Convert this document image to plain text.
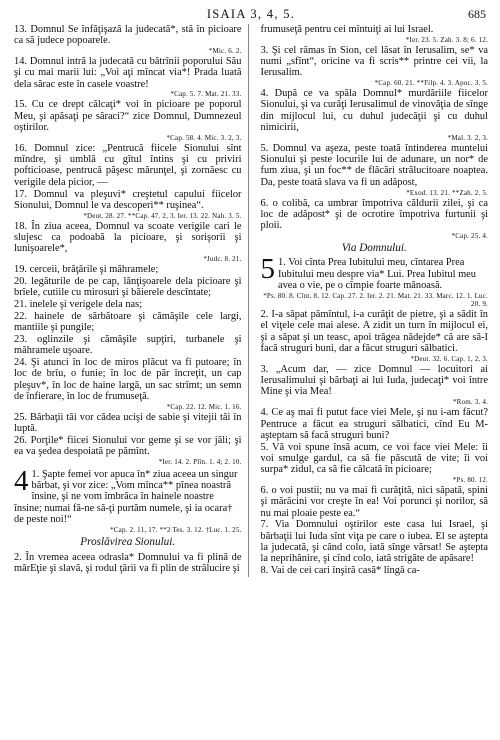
ISAIA 3, 4, 5.	685

13. Domnul Se înfăţişază la judecată*, stă în picioare ca să judece popoarele.

*Mic. 6. 2.

14. Domnul intră la judecată cu bătrînii poporului Său şi cu mai marii lui: „Voi aţi mîncat via*! Prada luată dela sărac este în casele voastre!

*Cap. 5. 7. Mat. 21. 33.

15. Cu ce drept călcaţi* voi în picioare pe poporul Meu, şi apăsaţi pe săraci?“ zice Domnul, Dumnezeul oştirilor.

*Cap. 58. 4. Mic. 3. 2, 3.

16. Domnul zice: „Pentrucă fiicele Sionului sînt mîndre, şi umblă cu gîtul întins şi cu priviri pofticioase, pentrucă păşesc mărunţel, şi zornăesc cu verigile dela picior, —

17. Domnul va pleşuvi* creştetul capului fiicelor Sionului, Domnul le va descoperi** ruşinea“.

*Deut. 28. 27. **Cap. 47. 2, 3. Ier. 13. 22. Nah. 3. 5.

18. În ziua aceea, Domnul va scoate verigile cari le slujesc ca podoabă la picioare, şi sorişorii şi lunişoarele*,

*Judc. 8. 21.

19. cerceii, brăţările şi măhramele;

20. legăturile de pe cap, lănţişoarele dela picioare şi brîele, cutiile cu mirosuri şi băierele descîntate;

21. inelele şi verigele dela nas;

22. hainele de sărbătoare şi cămăşile cele largi, mantiile şi pungile;

23. oglinzile şi cămăşile supţiri, turbanele şi măhramele uşoare.

24. Şi atunci în loc de miros plăcut va fi putoare; în loc de brîu, o funie; în loc de păr încreţit, un cap pleşuv*, în loc de haine largă, un sac strîmt; un semn de înfierare, în loc de frumuseţă.

*Cap. 22. 12. Mic. 1. 16.

25. Bărbaţii tăi vor cădea ucişi de sabie şi vitejii tăi în luptă.

26. Porţile* fiicei Sionului vor geme şi se vor jăli; şi ea va şedea despoiată pe pămînt.

*Ier. 14. 2. Plîn. 1. 4; 2. 10.
4 1. Şapte femei vor apuca în* ziua aceea un singur bărbat, şi vor zice: „Vom mînca** pînea noastră însine, şi ne vom îmbrăca în hainele noastre însine; numai fă-ne să-ţi purtăm numele, şi ia ocara† de peste noi!“
*Cap. 2. 11, 17. **2 Tes. 3. 12. †Luc. 1. 25.
Proslăvirea Sionului.

2. În vremea aceea odrasla* Domnului va fi plină de mărEţie şi slavă, şi rodul ţării va fi plin de strălucire şi

frumuseţă pentru cei mîntuiţi ai lui Israel.

*Ier. 23. 5. Zah. 3. 8; 6. 12.

3. Şi cel rămas în Sion, cel lăsat în Ierusalim, se* va numi „sfînt“, oricine va fi scris** printre cei vii, la Ierusalim.

*Cap. 60. 21. **Filp. 4. 3. Apoc. 3. 5.

4. După ce va spăla Domnul* murdăriile fiicelor Sionului, şi va curăţi Ierusalimul de vinovăţia de sînge din mijlocul lui, cu duhul judecăţii şi cu duhul nimicirii,

*Mal. 3. 2, 3.

5. Domnul va aşeza, peste toată întinderea muntelui Sionului şi peste locurile lui de adunare, un nor* de fum ziua, şi un foc** de flăcări strălucitoare noaptea. Da, peste toată slava va fi un adăpost,

*Exod. 13. 21. **Zah. 2. 5.

6. o colibă, ca umbrar împotriva căldurii zilei, şi ca loc de adăpost* şi de ocrotire împotriva furtunii şi ploii.

*Cap. 25. 4.
Via Domnului.
5 1. Voi cînta Prea Iubitului meu, cîntarea Prea Iubitului meu despre via* Lui. Prea Iubitul meu avea o vie, pe o cîmpie foarte mănoasă.
*Ps. 80. 8. Cînt. 8. 12. Cap. 27. 2. Ier. 2. 21. Mat. 21. 33. Marc. 12. 1. Luc. 20. 9.

2. I-a săpat pămîntul, i-a curăţit de pietre, şi a sădit în el viţele cele mai alese. A zidit un turn în mijlocul ei, şi a săpat şi un teasc, apoi trăgea nădejde* că are să-I facă struguri buni, dar a făcut struguri sălbatici.

*Deut. 32. 6. Cap. 1, 2, 3.

3. „Acum dar, — zice Domnul — locuitori ai Ierusalimului şi bărbaţi ai lui Iuda, judecaţi* voi între Mine şi via Mea!

*Rom. 3. 4.

4. Ce aş mai fi putut face viei Mele, şi nu i-am făcut? Pentruce a făcut ea struguri sălbatici, cînd Eu M-aşteptam să facă struguri buni?

5. Vă voi spune însă acum, ce voi face viei Mele: îi voi smulge gardul, ca să fie păscută de vite; îi voi surpa* zidul, ca să fie călcată în picioare;

*Ps. 80. 12.

6. o voi pustii; nu va mai fi curăţită, nici săpată, spini şi mărăcini vor creşte în ea! Voi porunci şi norilor, să nu mai ploaie peste ea.“

7. Via Domnului oştirilor este casa lui Israel, şi bărbaţii lui Iuda sînt viţa pe care o iubea. El se aştepta la judecată, şi când colo, iată sînge vărsat! Se aştepta la neprihănire, şi cînd colo, iată strigăte de apăsare!

8. Vai de cei cari înşiră casă* lîngă ca-
